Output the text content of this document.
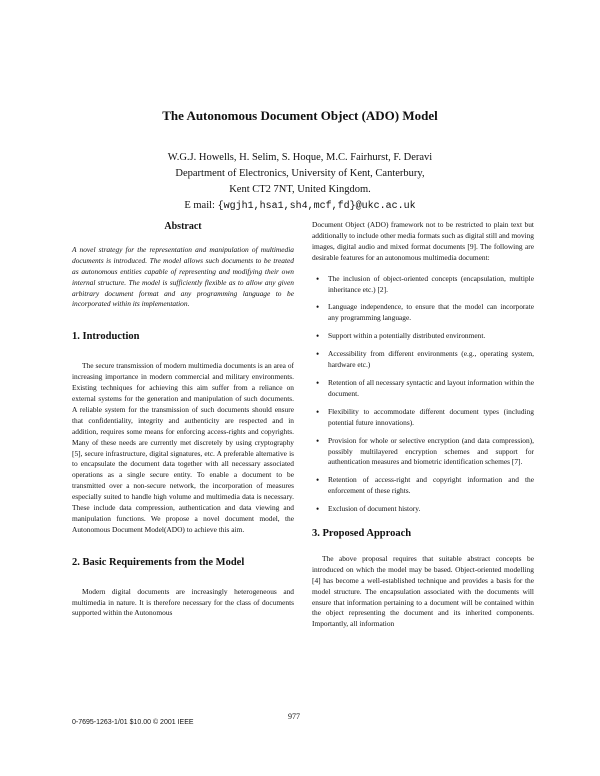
The Autonomous Document Object (ADO) Model
W.G.J. Howells, H. Selim, S. Hoque, M.C. Fairhurst, F. Deravi
Department of Electronics, University of Kent, Canterbury,
Kent CT2 7NT, United Kingdom.
E mail: {wgjh1,hsa1,sh4,mcf,fd}@ukc.ac.uk
Abstract

A novel strategy for the representation and manipulation of multimedia documents is introduced. The model allows such documents to be treated as autonomous entities capable of representing and modifying their own internal structure. The model is sufficiently flexible as to allow any given arbitrary document format and any programming language to be incorporated within its implementation.

1. Introduction

The secure transmission of modern multimedia documents is an area of increasing importance in modern commercial and military environments. Existing techniques for achieving this aim suffer from a reliance on external systems for the generation and manipulation of such documents. A reliable system for the transmission of such documents should ensure that confidentiality, integrity and authenticity are respected and in addition, requires some means for enforcing access-rights and copyrights. Many of these needs are currently met discretely by using cryptography [5], secure infrastructure, digital signatures, etc. A preferable alternative is to encapsulate the document data together with all necessary associated operations as a single secure entity. To enable a document to be transmitted over a non-secure network, the incorporation of measures especially suited to handle high volume and multimedia data is necessary. These include data compression, authentication and data viewing and manipulation functions. We propose a novel document model, the Autonomous Document Model(ADO) to achieve this aim.

2. Basic Requirements from the Model

Modern digital documents are increasingly heterogeneous and multimedia in nature. It is therefore necessary for the class of documents supported within the Autonomous

Document Object (ADO) framework not to be restricted to plain text but additionally to include other media formats such as digital still and moving images, digital audio and mixed format documents [9]. The following are desirable features for an autonomous multimedia document:

• The inclusion of object-oriented concepts (encapsulation, multiple inheritance etc.) [2].
• Language independence, to ensure that the model can incorporate any programming language.
• Support within a potentially distributed environment.
• Accessibility from different environments (e.g., operating system, hardware etc.)
• Retention of all necessary syntactic and layout information within the document.
• Flexibility to accommodate different document types (including potential future innovations).
• Provision for whole or selective encryption (and data compression), possibly multilayered encryption schemes and support for authentication measures and biometric identification schemes [7].
• Retention of access-right and copyright information and the enforcement of these rights.
• Exclusion of document history.
3. Proposed Approach

The above proposal requires that suitable abstract concepts be introduced on which the model may be based. Object-oriented modelling [4] has become a well-established technique and provides a basis for the model structure. The encapsulation associated with the documents will ensure that information pertaining to a document will be contained within the object representing the document and its inherited components. Importantly, all information

0-7695-1263-1/01 $10.00 © 2001 IEEE
977
